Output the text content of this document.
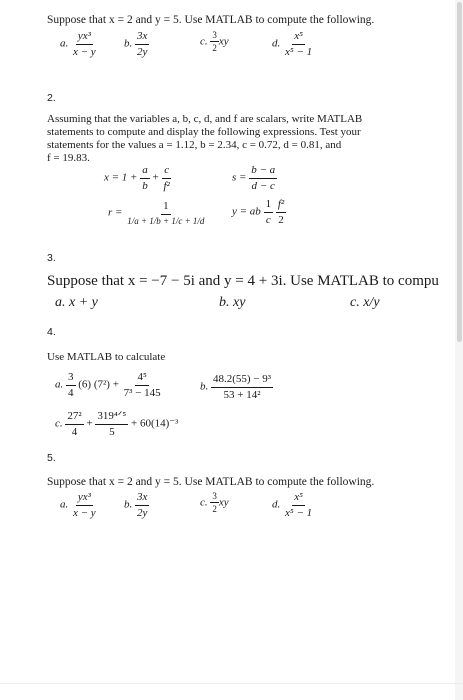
Suppose that x = 2 and y = 5. Use MATLAB to compute the following.
a. $\frac{\text{yx³}}{x - y} b$. $\frac{3x}{2y}$	c. $\frac{3}{2}$ xy	d. $\frac{\text{x⁵}}{\text{x⁵ − 1}}$
2.
Assuming that the variables a, b, c, d, and f are scalars, write MATLAB
statements to compute and display the following expressions. Test your
statements for the values a = 1.12, b = 2.34, c = 0.72, d = 0.81, and
f = 19.83.
$x = 1 + \frac{a}{b} + \frac{c}{\text{f²}}$	$s = \frac{b - a}{d - c}$
$r = \frac{1}{1/a + 1/b + 1/c + 1/d}$ y = ab $\frac{1}{c}$
$\frac{\text{f²}}{2}$
3.
Suppose that x = −7 − 5i and y = 4 + 3i. Use MATLAB to compu
a. x + y	b. xy	c. x/y
4.
Use MATLAB to calculate
a. $\frac{3}{4} (6) (7^2) + \frac{\text{4⁵}}{\text{7³ − 145}}$	b. $\frac{\text{48.2(55) − 9³}}{\text{53 + 14²}}$
c. $\frac{\text{27²}}{4} + \frac{\text{319⁴ᐟ⁵}}{5} + 60(14)^{-3}$
5.
Suppose that x = 2 and y = 5. Use MATLAB to compute the following.
a. $\frac{\text{yx³}}{x - y} b$. $\frac{3x}{2y}$	c. $\frac{3}{2}$ xy	d. $\frac{\text{x⁵}}{\text{x⁵ − 1}}$
